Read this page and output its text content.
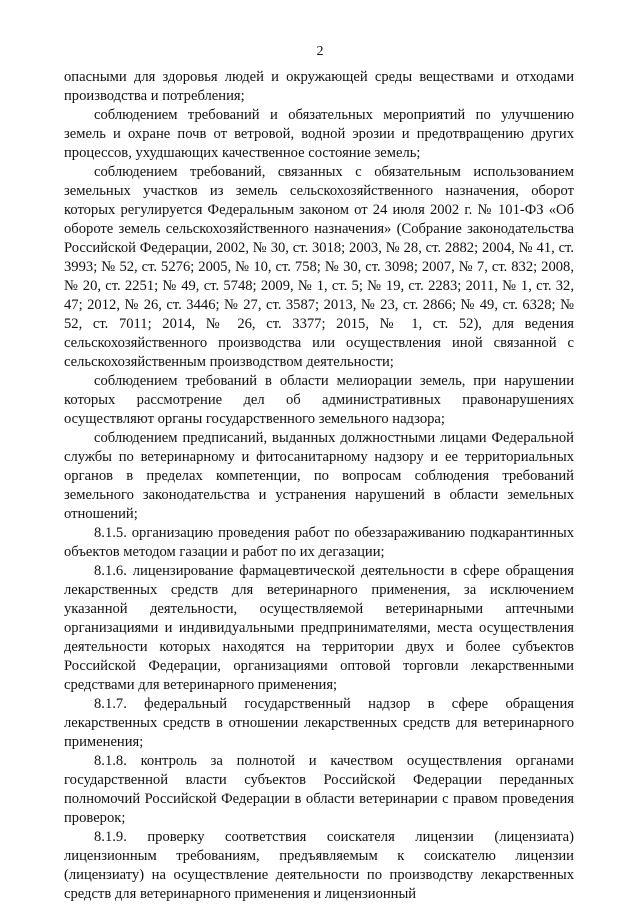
2

опасными для здоровья людей и окружающей среды веществами и отходами производства и потребления;

соблюдением требований и обязательных мероприятий по улучшению земель и охране почв от ветровой, водной эрозии и предотвращению других процессов, ухудшающих качественное состояние земель;

соблюдением требований, связанных с обязательным использованием земельных участков из земель сельскохозяйственного назначения, оборот которых регулируется Федеральным законом от 24 июля 2002 г. № 101-ФЗ «Об обороте земель сельскохозяйственного назначения» (Собрание законодательства Российской Федерации, 2002, № 30, ст. 3018; 2003, № 28, ст. 2882; 2004, № 41, ст. 3993; № 52, ст. 5276; 2005, № 10, ст. 758; № 30, ст. 3098; 2007, № 7, ст. 832; 2008, № 20, ст. 2251; № 49, ст. 5748; 2009, № 1, ст. 5; № 19, ст. 2283; 2011, № 1, ст. 32, 47; 2012, № 26, ст. 3446; № 27, ст. 3587; 2013, № 23, ст. 2866; № 49, ст. 6328; № 52, ст. 7011; 2014, № 26, ст. 3377; 2015, № 1, ст. 52), для ведения сельскохозяйственного производства или осуществления иной связанной с сельскохозяйственным производством деятельности;

соблюдением требований в области мелиорации земель, при нарушении которых рассмотрение дел об административных правонарушениях осуществляют органы государственного земельного надзора;

соблюдением предписаний, выданных должностными лицами Федеральной службы по ветеринарному и фитосанитарному надзору и ее территориальных органов в пределах компетенции, по вопросам соблюдения требований земельного законодательства и устранения нарушений в области земельных отношений;

8.1.5. организацию проведения работ по обеззараживанию подкарантинных объектов методом газации и работ по их дегазации;

8.1.6. лицензирование фармацевтической деятельности в сфере обращения лекарственных средств для ветеринарного применения, за исключением указанной деятельности, осуществляемой ветеринарными аптечными организациями и индивидуальными предпринимателями, места осуществления деятельности которых находятся на территории двух и более субъектов Российской Федерации, организациями оптовой торговли лекарственными средствами для ветеринарного применения;

8.1.7. федеральный государственный надзор в сфере обращения лекарственных средств в отношении лекарственных средств для ветеринарного применения;

8.1.8. контроль за полнотой и качеством осуществления органами государственной власти субъектов Российской Федерации переданных полномочий Российской Федерации в области ветеринарии с правом проведения проверок;

8.1.9. проверку соответствия соискателя лицензии (лицензиата) лицензионным требованиям, предъявляемым к соискателю лицензии (лицензиату) на осуществление деятельности по производству лекарственных средств для ветеринарного применения и лицензионный
